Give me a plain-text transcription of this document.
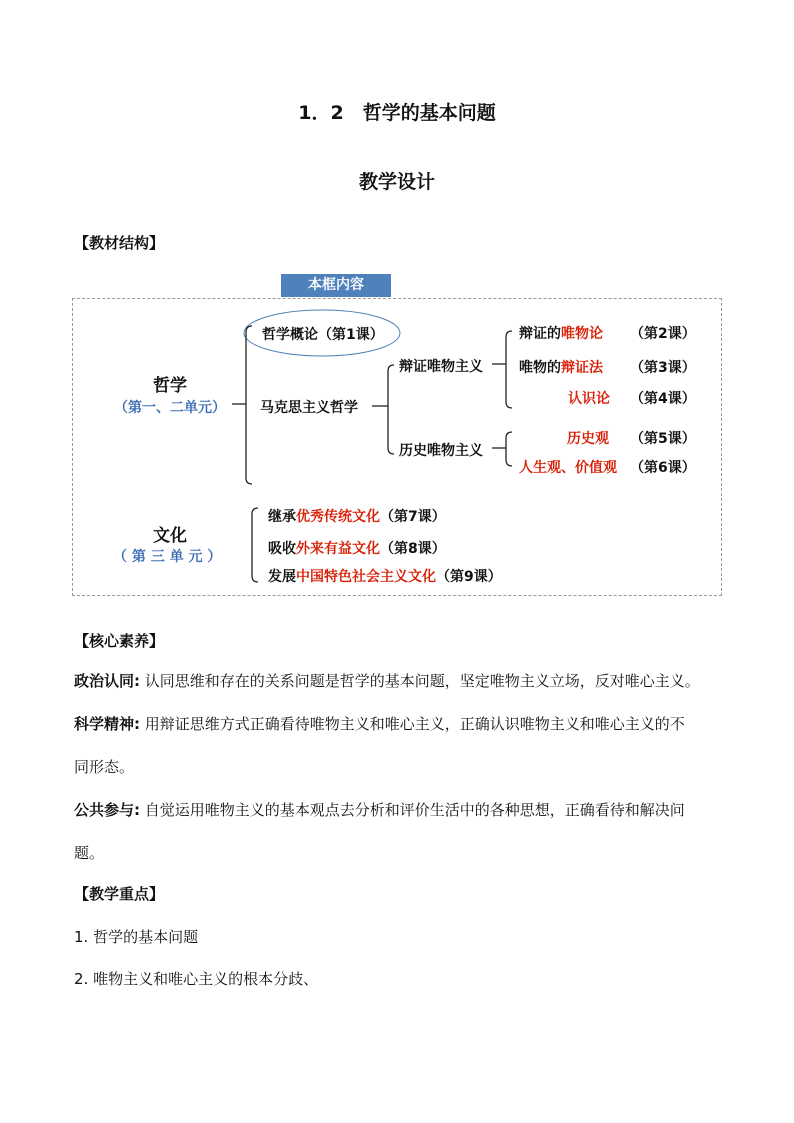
1．2　哲学的基本问题
教学设计
【教材结构】
本框内容
哲学
（第一、二单元）
文化
（ 第 三 单 元 ）
哲学概论（第1课）
马克思主义哲学
辩证唯物主义
历史唯物主义
辩证的唯物论 （第2课）
唯物的辩证法 （第3课）
认识论 （第4课）
历史观 （第5课）
人生观、价值观 （第6课）
继承优秀传统文化（第7课）
吸收外来有益文化（第8课）
发展中国特色社会主义文化（第9课）
【核心素养】
政治认同: 认同思维和存在的关系问题是哲学的基本问题，坚定唯物主义立场，反对唯心主义。
科学精神: 用辩证思维方式正确看待唯物主义和唯心主义，正确认识唯物主义和唯心主义的不
同形态。
公共参与: 自觉运用唯物主义的基本观点去分析和评价生活中的各种思想，正确看待和解决问
题。
【教学重点】
1. 哲学的基本问题
2. 唯物主义和唯心主义的根本分歧、
